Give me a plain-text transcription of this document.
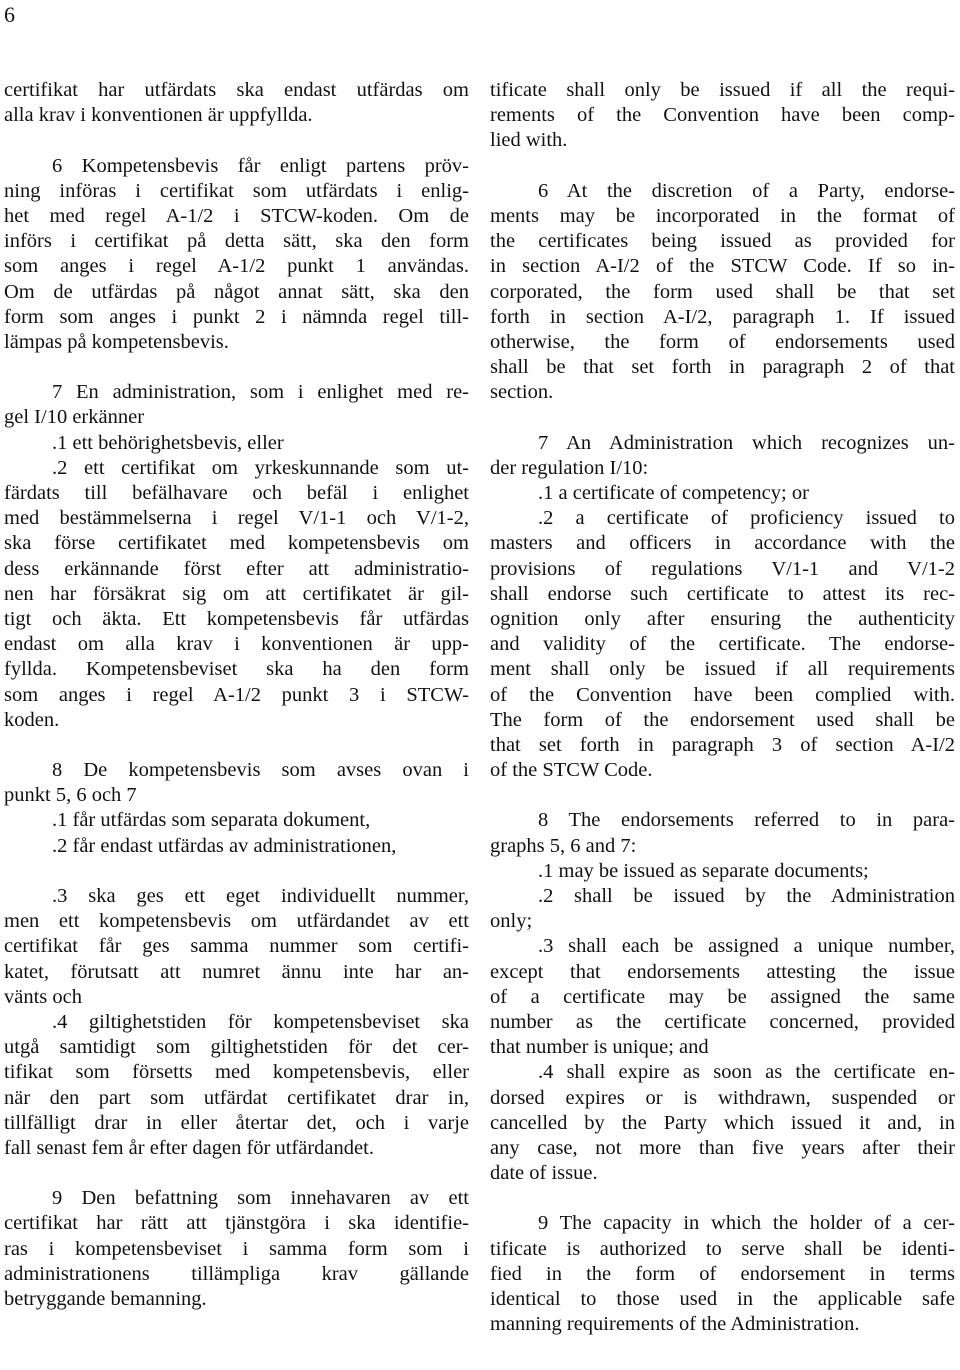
6
certifikat har utfärdats ska endast utfärdas om
alla krav i konventionen är uppfyllda.
6 Kompetensbevis får enligt partens pröv-
ning införas i certifikat som utfärdats i enlig-
het med regel A-1/2 i STCW-koden. Om de
införs i certifikat på detta sätt, ska den form
som anges i regel A-1/2 punkt 1 användas.
Om de utfärdas på något annat sätt, ska den
form som anges i punkt 2 i nämnda regel till-
lämpas på kompetensbevis.
7 En administration, som i enlighet med re-
gel I/10 erkänner
.1 ett behörighetsbevis, eller
.2 ett certifikat om yrkeskunnande som ut-
färdats till befälhavare och befäl i enlighet
med bestämmelserna i regel V/1-1 och V/1-2,
ska förse certifikatet med kompetensbevis om
dess erkännande först efter att administratio-
nen har försäkrat sig om att certifikatet är gil-
tigt och äkta. Ett kompetensbevis får utfärdas
endast om alla krav i konventionen är upp-
fyllda. Kompetensbeviset ska ha den form
som anges i regel A-1/2 punkt 3 i STCW-
koden.
8 De kompetensbevis som avses ovan i
punkt 5, 6 och 7
.1 får utfärdas som separata dokument,
.2 får endast utfärdas av administrationen,
.3 ska ges ett eget individuellt nummer,
men ett kompetensbevis om utfärdandet av ett
certifikat får ges samma nummer som certifi-
katet, förutsatt att numret ännu inte har an-
vänts och
.4 giltighetstiden för kompetensbeviset ska
utgå samtidigt som giltighetstiden för det cer-
tifikat som försetts med kompetensbevis, eller
när den part som utfärdat certifikatet drar in,
tillfälligt drar in eller återtar det, och i varje
fall senast fem år efter dagen för utfärdandet.
9 Den befattning som innehavaren av ett
certifikat har rätt att tjänstgöra i ska identifie-
ras i kompetensbeviset i samma form som i
administrationens tillämpliga krav gällande
betryggande bemanning.
tificate shall only be issued if all the requi-
rements of the Convention have been comp-
lied with.
6 At the discretion of a Party, endorse-
ments may be incorporated in the format of
the certificates being issued as provided for
in section A-I/2 of the STCW Code. If so in-
corporated, the form used shall be that set
forth in section A-I/2, paragraph 1. If issued
otherwise, the form of endorsements used
shall be that set forth in paragraph 2 of that
section.
7 An Administration which recognizes un-
der regulation I/10:
.1 a certificate of competency; or
.2 a certificate of proficiency issued to
masters and officers in accordance with the
provisions of regulations V/1-1 and V/1-2
shall endorse such certificate to attest its rec-
ognition only after ensuring the authenticity
and validity of the certificate. The endorse-
ment shall only be issued if all requirements
of the Convention have been complied with.
The form of the endorsement used shall be
that set forth in paragraph 3 of section A-I/2
of the STCW Code.
8 The endorsements referred to in para-
graphs 5, 6 and 7:
.1 may be issued as separate documents;
.2 shall be issued by the Administration
only;
.3 shall each be assigned a unique number,
except that endorsements attesting the issue
of a certificate may be assigned the same
number as the certificate concerned, provided
that number is unique; and
.4 shall expire as soon as the certificate en-
dorsed expires or is withdrawn, suspended or
cancelled by the Party which issued it and, in
any case, not more than five years after their
date of issue.
9 The capacity in which the holder of a cer-
tificate is authorized to serve shall be identi-
fied in the form of endorsement in terms
identical to those used in the applicable safe
manning requirements of the Administration.
